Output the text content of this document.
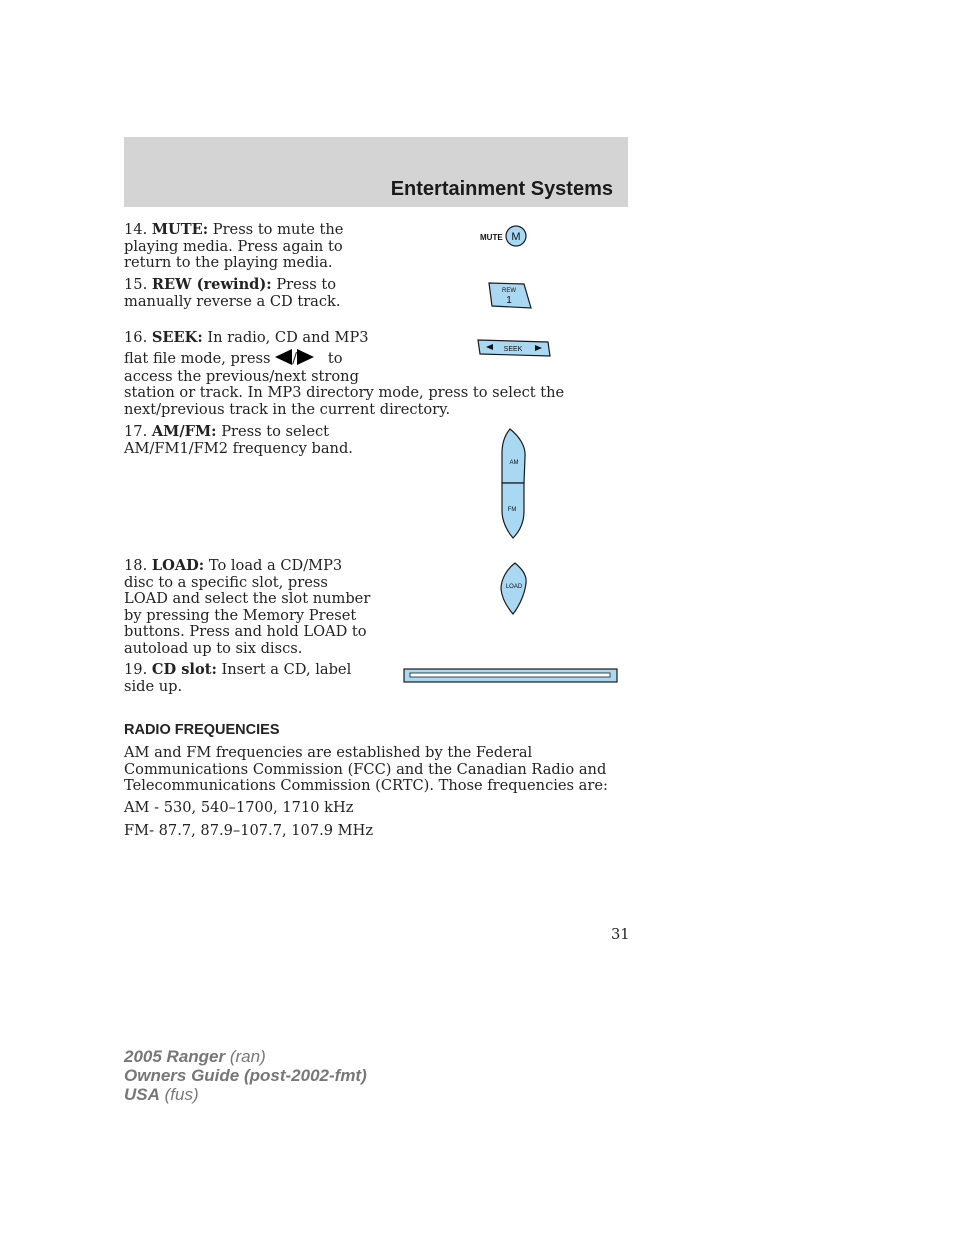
Entertainment Systems

14. MUTE: Press to mute the playing media. Press again to return to the playing media.

MUTE M

15. REW (rewind): Press to manually reverse a CD track.

REW
1

16. SEEK: In radio, CD and MP3

flat file mode, press / to

access the previous/next strong

station or track. In MP3 directory mode, press to select the next/previous track in the current directory.

SEEK

17. AM/FM: Press to select AM/FM1/FM2 frequency band.

AM
FM

18. LOAD: To load a CD/MP3 disc to a specific slot, press LOAD and select the slot number by pressing the Memory Preset buttons. Press and hold LOAD to autoload up to six discs.

LOAD

19. CD slot: Insert a CD, label side up.

RADIO FREQUENCIES

AM and FM frequencies are established by the Federal Communications Commission (FCC) and the Canadian Radio and Telecommunications Commission (CRTC). Those frequencies are:

AM - 530, 540–1700, 1710 kHz

FM- 87.7, 87.9–107.7, 107.9 MHz

31
2005 Ranger (ran)
Owners Guide (post-2002-fmt)
USA (fus)
